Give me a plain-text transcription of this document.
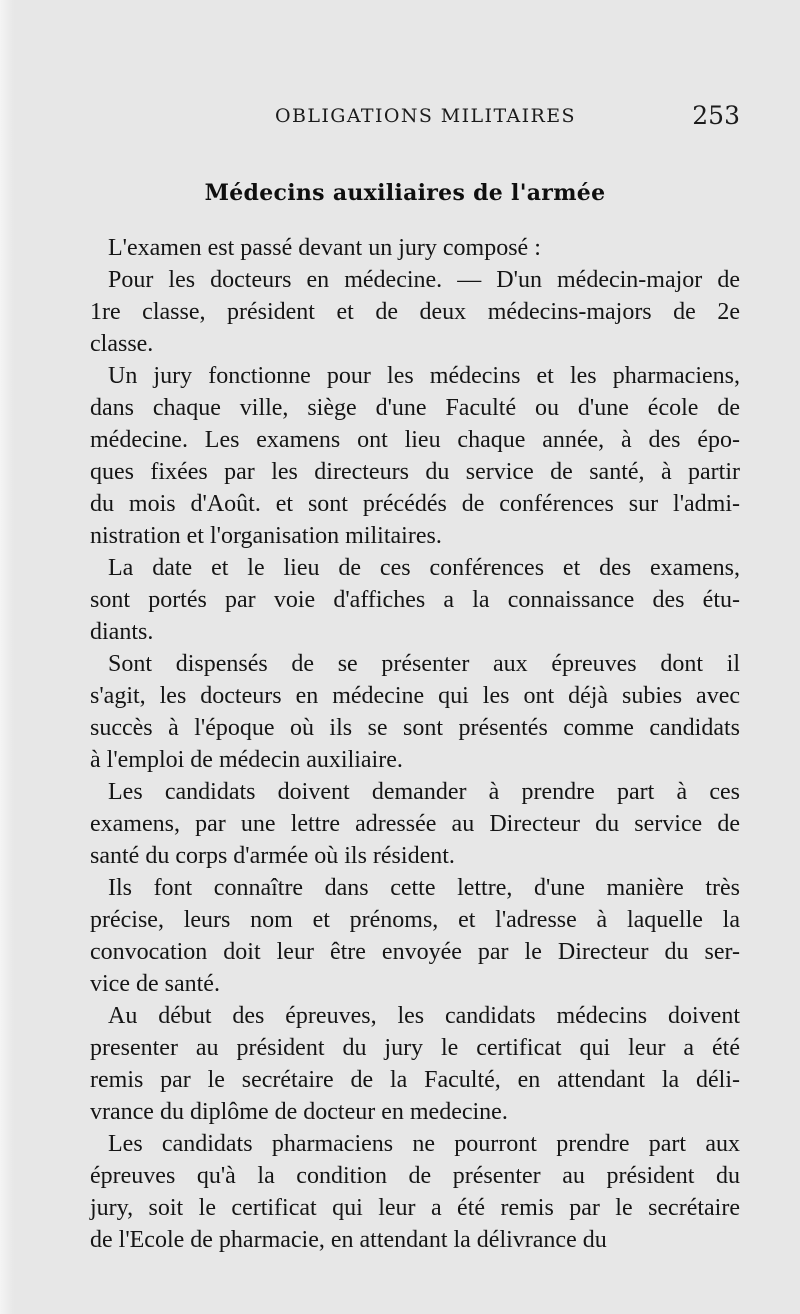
OBLIGATIONS MILITAIRES	253
Médecins auxiliaires de l'armée
L'examen est passé devant un jury composé :
Pour les docteurs en médecine. — D'un médecin-major de
1re classe, président et de deux médecins-majors de 2e
classe.
Un jury fonctionne pour les médecins et les pharmaciens,
dans chaque ville, siège d'une Faculté ou d'une école de
médecine. Les examens ont lieu chaque année, à des épo-
ques fixées par les directeurs du service de santé, à partir
du mois d'Août. et sont précédés de conférences sur l'admi-
nistration et l'organisation militaires.
La date et le lieu de ces conférences et des examens,
sont portés par voie d'affiches a la connaissance des étu-
diants.
Sont dispensés de se présenter aux épreuves dont il
s'agit, les docteurs en médecine qui les ont déjà subies avec
succès à l'époque où ils se sont présentés comme candidats
à l'emploi de médecin auxiliaire.
Les candidats doivent demander à prendre part à ces
examens, par une lettre adressée au Directeur du service de
santé du corps d'armée où ils résident.
Ils font connaître dans cette lettre, d'une manière très
précise, leurs nom et prénoms, et l'adresse à laquelle la
convocation doit leur être envoyée par le Directeur du ser-
vice de santé.
Au début des épreuves, les candidats médecins doivent
presenter au président du jury le certificat qui leur a été
remis par le secrétaire de la Faculté, en attendant la déli-
vrance du diplôme de docteur en medecine.
Les candidats pharmaciens ne pourront prendre part aux
épreuves qu'à la condition de présenter au président du
jury, soit le certificat qui leur a été remis par le secrétaire
de l'Ecole de pharmacie, en attendant la délivrance du
